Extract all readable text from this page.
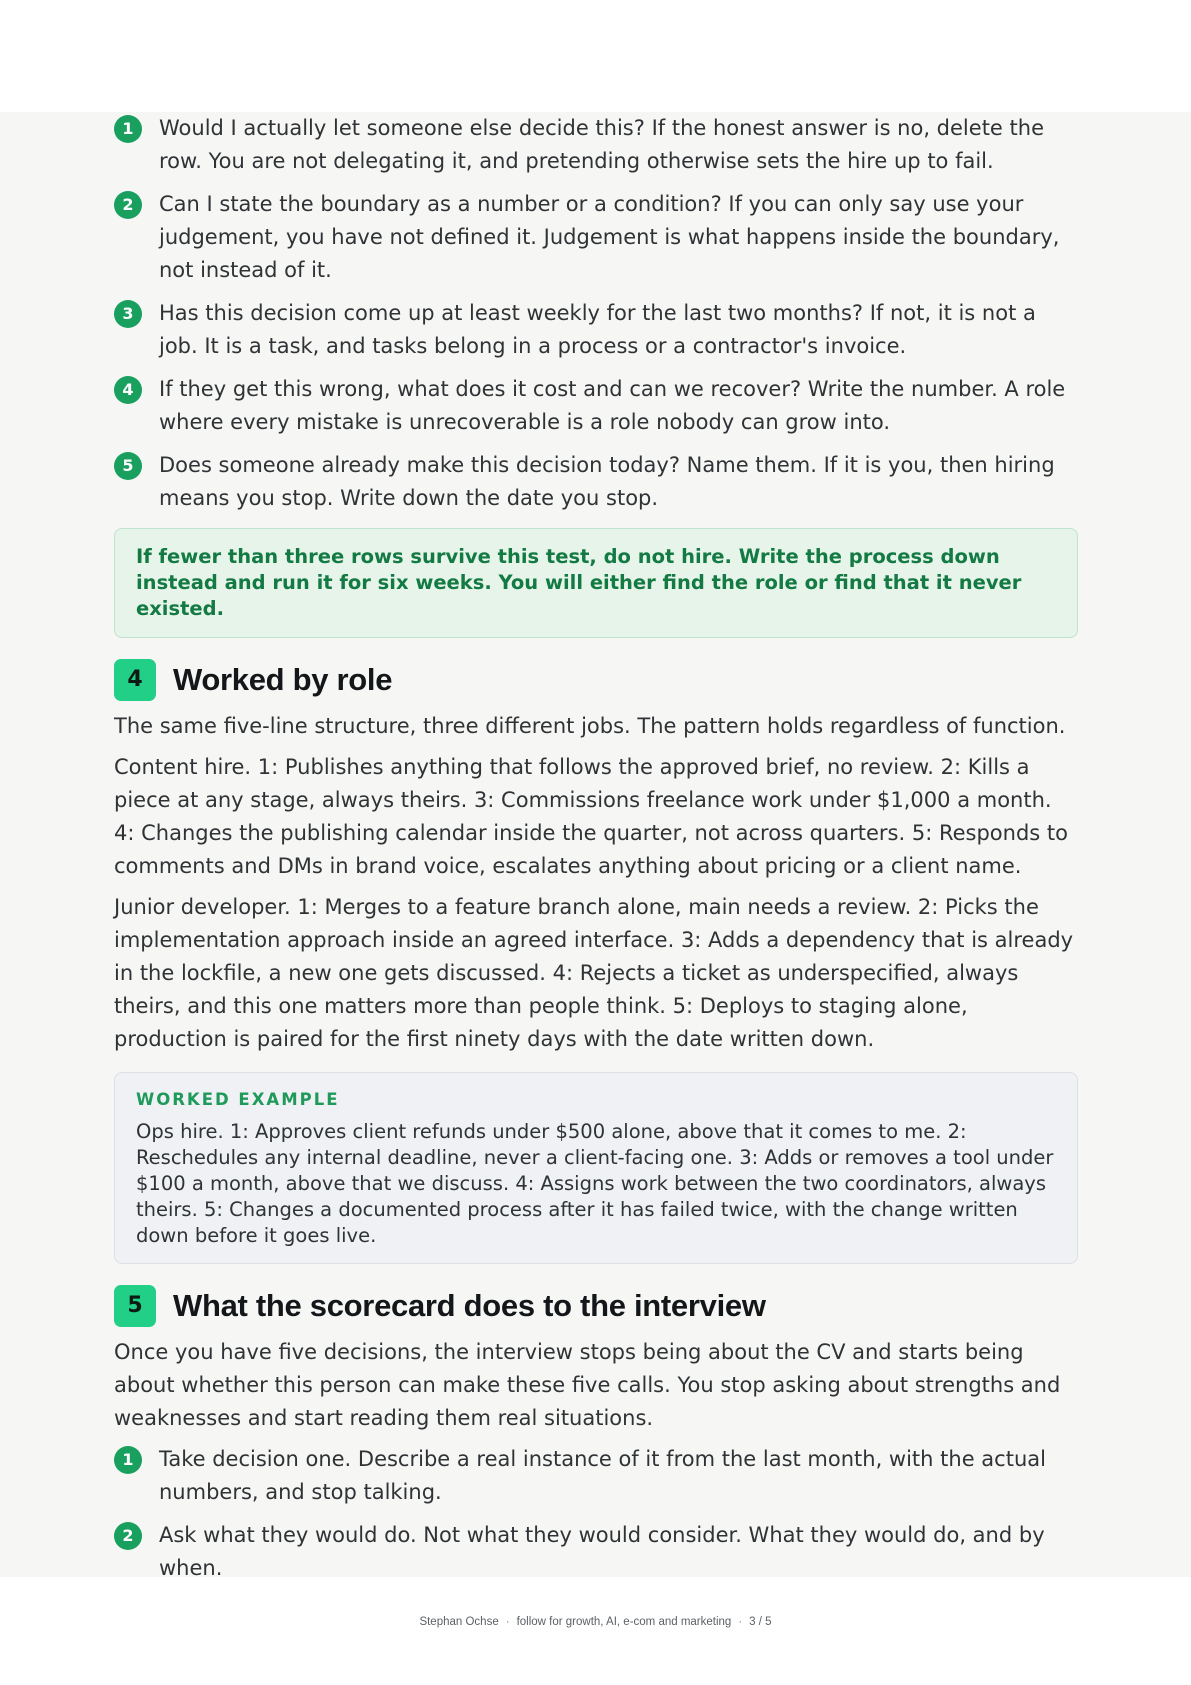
1	Would I actually let someone else decide this? If the honest answer is no, delete the row. You are not delegating it, and pretending otherwise sets the hire up to fail.
2	Can I state the boundary as a number or a condition? If you can only say use your judgement, you have not defined it. Judgement is what happens inside the boundary, not instead of it.
3	Has this decision come up at least weekly for the last two months? If not, it is not a job. It is a task, and tasks belong in a process or a contractor's invoice.
4	If they get this wrong, what does it cost and can we recover? Write the number. A role where every mistake is unrecoverable is a role nobody can grow into.
5	Does someone already make this decision today? Name them. If it is you, then hiring means you stop. Write down the date you stop.
If fewer than three rows survive this test, do not hire. Write the process down instead and run it for six weeks. You will either find the role or find that it never existed.
4 Worked by role

The same five-line structure, three different jobs. The pattern holds regardless of function.

Content hire. 1: Publishes anything that follows the approved brief, no review. 2: Kills a piece at any stage, always theirs. 3: Commissions freelance work under $1,000 a month. 4: Changes the publishing calendar inside the quarter, not across quarters. 5: Responds to comments and DMs in brand voice, escalates anything about pricing or a client name.

Junior developer. 1: Merges to a feature branch alone, main needs a review. 2: Picks the implementation approach inside an agreed interface. 3: Adds a dependency that is already in the lockfile, a new one gets discussed. 4: Rejects a ticket as underspecified, always theirs, and this one matters more than people think. 5: Deploys to staging alone, production is paired for the first ninety days with the date written down.

WORKED EXAMPLE
Ops hire. 1: Approves client refunds under $500 alone, above that it comes to me. 2: Reschedules any internal deadline, never a client-facing one. 3: Adds or removes a tool under $100 a month, above that we discuss. 4: Assigns work between the two coordinators, always theirs. 5: Changes a documented process after it has failed twice, with the change written down before it goes live.
5 What the scorecard does to the interview

Once you have five decisions, the interview stops being about the CV and starts being about whether this person can make these five calls. You stop asking about strengths and weaknesses and start reading them real situations.

1	Take decision one. Describe a real instance of it from the last month, with the actual numbers, and stop talking.
2	Ask what they would do. Not what they would consider. What they would do, and by when.
Stephan Ochse · follow for growth, AI, e-com and marketing · 3 / 5
